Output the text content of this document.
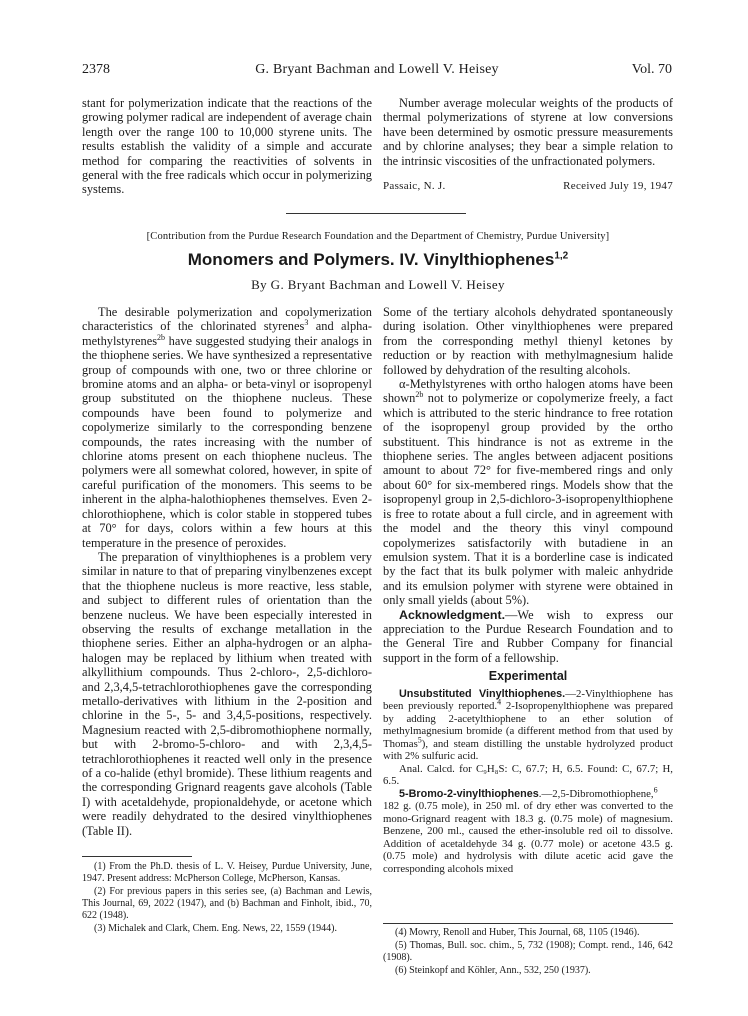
2378	G. Bryant Bachman and Lowell V. Heisey	Vol. 70

stant for polymerization indicate that the reactions of the growing polymer radical are independent of average chain length over the range 100 to 10,000 styrene units. The results establish the validity of a simple and accurate method for comparing the reactivities of solvents in general with the free radicals which occur in polymerizing systems.

Number average molecular weights of the products of thermal polymerizations of styrene at low conversions have been determined by osmotic pressure measurements and by chlorine analyses; they bear a simple relation to the intrinsic viscosities of the unfractionated polymers.

Passaic, N. J.	Received July 19, 1947
[Contribution from the Purdue Research Foundation and the Department of Chemistry, Purdue University]
Monomers and Polymers. IV. Vinylthiophenes$^{1,2}$
By G. Bryant Bachman and Lowell V. Heisey

The desirable polymerization and copolymerization characteristics of the chlorinated styrenes$^3$ and alpha-methylstyrenes$^{2b}$ have suggested studying their analogs in the thiophene series. We have synthesized a representative group of compounds with one, two or three chlorine or bromine atoms and an alpha- or beta-vinyl or isopropenyl group substituted on the thiophene nucleus. These compounds have been found to polymerize and copolymerize similarly to the corresponding benzene compounds, the rates increasing with the number of chlorine atoms present on each thiophene nucleus. The polymers were all somewhat colored, however, in spite of careful purification of the monomers. This seems to be inherent in the alpha-halothiophenes themselves. Even 2-chlorothiophene, which is color stable in stoppered tubes at 70° for days, colors within a few hours at this temperature in the presence of peroxides.

The preparation of vinylthiophenes is a problem very similar in nature to that of preparing vinylbenzenes except that the thiophene nucleus is more reactive, less stable, and subject to different rules of orientation than the benzene nucleus. We have been especially interested in observing the results of exchange metallation in the thiophene series. Either an alpha-hydrogen or an alpha-halogen may be replaced by lithium when treated with alkyllithium compounds. Thus 2-chloro-, 2,5-dichloro- and 2,3,4,5-tetrachlorothiophenes gave the corresponding metallo-derivatives with lithium in the 2-position and chlorine in the 5-, 5- and 3,4,5-positions, respectively. Magnesium reacted with 2,5-dibromothiophene normally, but with 2-bromo-5-chloro- and with 2,3,4,5-tetrachlorothiophenes it reacted well only in the presence of a co-halide (ethyl bromide). These lithium reagents and the corresponding Grignard reagents gave alcohols (Table I) with acetaldehyde, propionaldehyde, or acetone which were readily dehydrated to the desired vinylthiophenes (Table II).

Some of the tertiary alcohols dehydrated spontaneously during isolation. Other vinylthiophenes were prepared from the corresponding methyl thienyl ketones by reduction or by reaction with methylmagnesium halide followed by dehydration of the resulting alcohols.

α-Methylstyrenes with ortho halogen atoms have been shown$^{2b}$ not to polymerize or copolymerize freely, a fact which is attributed to the steric hindrance to free rotation of the isopropenyl group provided by the ortho substituent. This hindrance is not as extreme in the thiophene series. The angles between adjacent positions amount to about 72° for five-membered rings and only about 60° for six-membered rings. Models show that the isopropenyl group in 2,5-dichloro-3-isopropenylthiophene is free to rotate about a full circle, and in agreement with the model and the theory this vinyl compound copolymerizes satisfactorily with butadiene in an emulsion system. That it is a borderline case is indicated by the fact that its bulk polymer with maleic anhydride and its emulsion polymer with styrene were obtained in only small yields (about 5%).

Acknowledgment.—We wish to express our appreciation to the Purdue Research Foundation and to the General Tire and Rubber Company for financial support in the form of a fellowship.

Experimental

Unsubstituted Vinylthiophenes.—2-Vinylthiophene has been previously reported.$^4$ 2-Isopropenylthiophene was prepared by adding 2-acetylthiophene to an ether solution of methylmagnesium bromide (a different method from that used by Thomas$^5$), and steam distilling the unstable hydrolyzed product with 2% sulfuric acid.

Anal. Calcd. for C₉H₈S: C, 67.7; H, 6.5. Found: C, 67.7; H, 6.5.

5-Bromo-2-vinylthiophenes.—2,5-Dibromothiophene,$^6$ 182 g. (0.75 mole), in 250 ml. of dry ether was converted to the mono-Grignard reagent with 18.3 g. (0.75 mole) of magnesium. Benzene, 200 ml., caused the ether-insoluble red oil to dissolve. Addition of acetaldehyde 34 g. (0.77 mole) or acetone 43.5 g. (0.75 mole) and hydrolysis with dilute acetic acid gave the corresponding alcohols mixed

(1) From the Ph.D. thesis of L. V. Heisey, Purdue University, June, 1947. Present address: McPherson College, McPherson, Kansas.

(2) For previous papers in this series see, (a) Bachman and Lewis, This Journal, 69, 2022 (1947), and (b) Bachman and Finholt, ibid., 70, 622 (1948).

(3) Michalek and Clark, Chem. Eng. News, 22, 1559 (1944).	(4) Mowry, Renoll and Huber, This Journal, 68, 1105 (1946).

(5) Thomas, Bull. soc. chim., 5, 732 (1908); Compt. rend., 146, 642 (1908).

(6) Steinkopf and Köhler, Ann., 532, 250 (1937).
